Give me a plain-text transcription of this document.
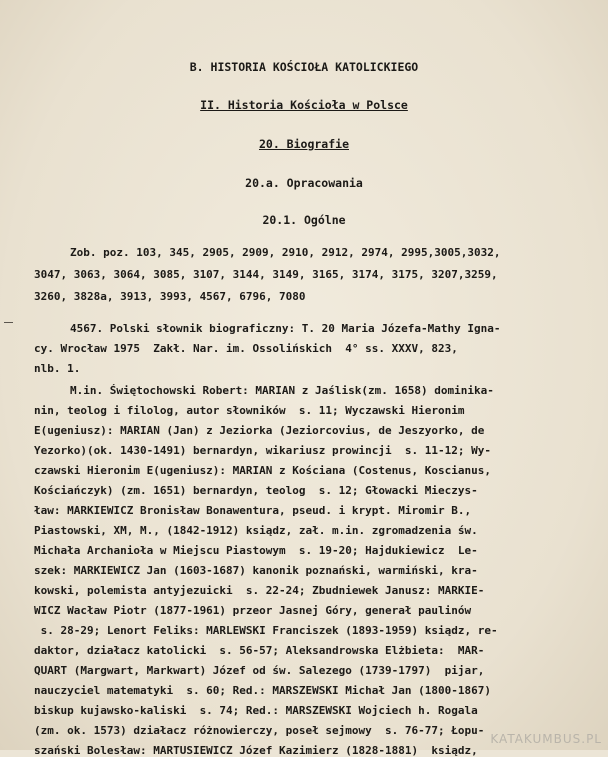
B. HISTORIA KOŚCIOŁA KATOLICKIEGO
II. Historia Kościoła w Polsce
20. Biografie
20.a. Opracowania
20.1. Ogólne
Zob. poz. 103, 345, 2905, 2909, 2910, 2912, 2974, 2995,3005,3032,
3047, 3063, 3064, 3085, 3107, 3144, 3149, 3165, 3174, 3175, 3207,3259,
3260, 3828a, 3913, 3993, 4567, 6796, 7080
4567. Polski słownik biograficzny: T. 20 Maria Józefa-Mathy Igna-
cy. Wrocław 1975  Zakł. Nar. im. Ossolińskich  4° ss. XXXV, 823,
nlb. 1.
M.in. Świętochowski Robert: MARIAN z Jaślisk(zm. 1658) dominika-
nin, teolog i filolog, autor słowników  s. 11; Wyczawski Hieronim
E(ugeniusz): MARIAN (Jan) z Jeziorka (Jeziorcovius, de Jeszyorko, de
Yezorko)(ok. 1430-1491) bernardyn, wikariusz prowincji  s. 11-12; Wy-
czawski Hieronim E(ugeniusz): MARIAN z Kościana (Costenus, Koscianus,
Kościańczyk) (zm. 1651) bernardyn, teolog  s. 12; Głowacki Mieczys-
ław: MARKIEWICZ Bronisław Bonawentura, pseud. i krypt. Miromir B.,
Piastowski, XM, M., (1842-1912) ksiądz, zał. m.in. zgromadzenia św.
Michała Archanioła w Miejscu Piastowym  s. 19-20; Hajdukiewicz  Le-
szek: MARKIEWICZ Jan (1603-1687) kanonik poznański, warmiński, kra-
kowski, polemista antyjezuicki  s. 22-24; Zbudniewek Janusz: MARKIE-
WICZ Wacław Piotr (1877-1961) przeor Jasnej Góry, generał paulinów
s. 28-29; Lenort Feliks: MARLEWSKI Franciszek (1893-1959) ksiądz, re-
daktor, działacz katolicki  s. 56-57; Aleksandrowska Elżbieta:  MAR-
QUART (Margwart, Markwart) Józef od św. Salezego (1739-1797)  pijar,
nauczyciel matematyki  s. 60; Red.: MARSZEWSKI Michał Jan (1800-1867)
biskup kujawsko-kaliski  s. 74; Red.: MARSZEWSKI Wojciech h. Rogala
(zm. ok. 1573) działacz różnowierczy, poseł sejmowy  s. 76-77; Łopu-
szański Bolesław: MARTUSIEWICZ Józef Kazimierz (1828-1881)  ksiądz,
KATAKUMBUS.PL
